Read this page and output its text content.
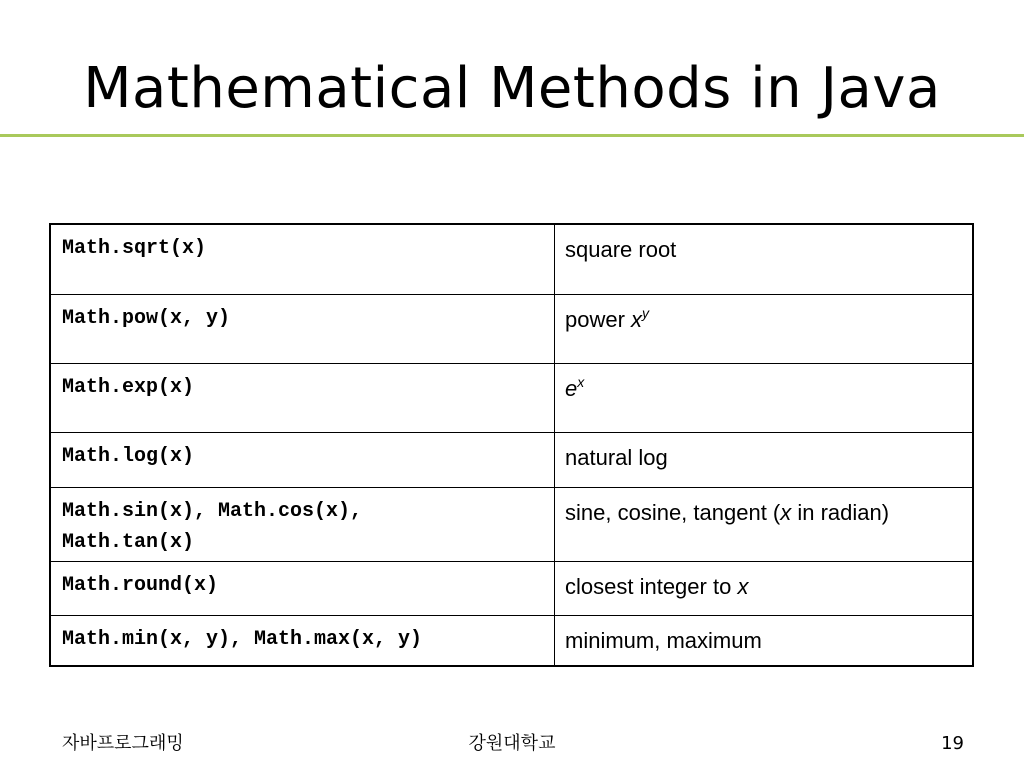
Mathematical Methods in Java
Math.sqrt(x)	square root
Math.pow(x, y)	power $x^y$
Math.exp(x)	$e^x$
Math.log(x)	natural log
Math.sin(x), Math.cos(x),
Math.tan(x)	sine, cosine, tangent (x in radian)
Math.round(x)	closest integer to x
Math.min(x, y), Math.max(x, y)	minimum, maximum
자바프로그래밍	강원대학교	19
